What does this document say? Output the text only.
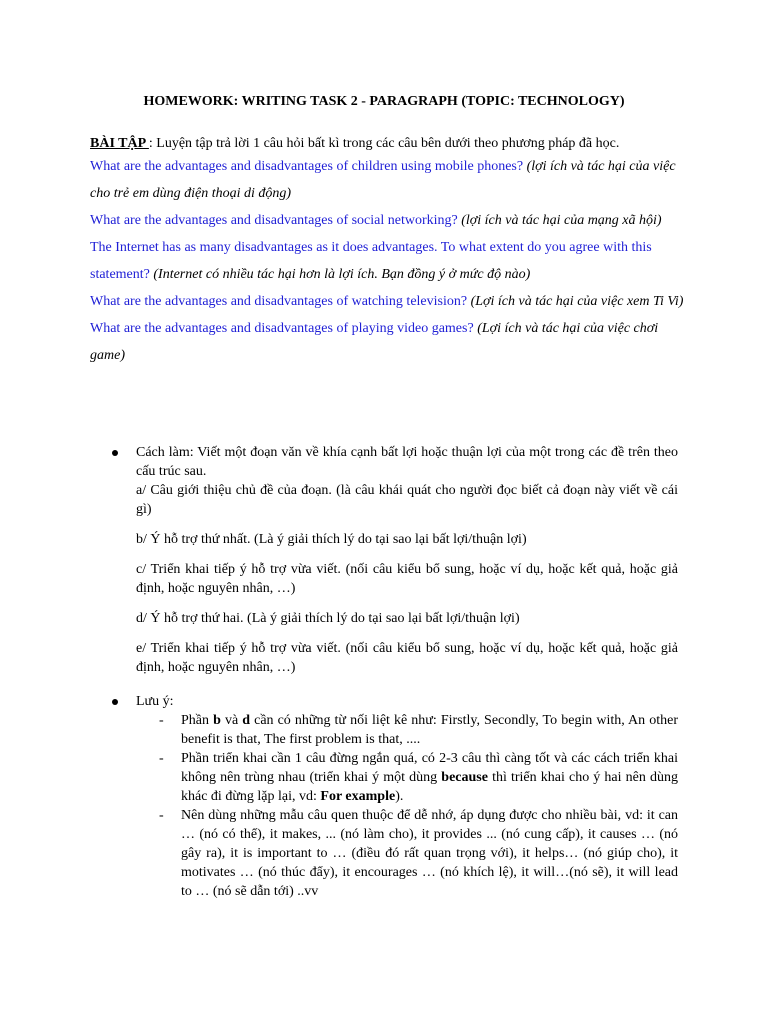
HOMEWORK: WRITING TASK 2 - PARAGRAPH (TOPIC: TECHNOLOGY)
BÀI TẬP : Luyện tập trả lời 1 câu hỏi bất kì trong các câu bên dưới theo phương pháp đã học.
What are the advantages and disadvantages of children using mobile phones? (lợi ích và tác hại của việc cho trẻ em dùng điện thoại di động)
What are the advantages and disadvantages of social networking? (lợi ích và tác hại của mạng xã hội)
The Internet has as many disadvantages as it does advantages. To what extent do you agree with this statement? (Internet có nhiều tác hại hơn là lợi ích. Bạn đồng ý ở mức độ nào)
What are the advantages and disadvantages of watching television? (Lợi ích và tác hại của việc xem Ti Vi)
What are the advantages and disadvantages of playing video games? (Lợi ích và tác hại của việc chơi game)

Cách làm: Viết một đoạn văn về khía cạnh bất lợi hoặc thuận lợi của một trong các đề trên theo cấu trúc sau.

a/ Câu giới thiệu chủ đề của đoạn. (là câu khái quát cho người đọc biết cả đoạn này viết về cái gì)

b/ Ý hỗ trợ thứ nhất. (Là ý giải thích lý do tại sao lại bất lợi/thuận lợi)

c/ Triển khai tiếp ý hỗ trợ vừa viết. (nối câu kiểu bổ sung, hoặc ví dụ, hoặc kết quả, hoặc giả định, hoặc nguyên nhân, …)

d/ Ý hỗ trợ thứ hai. (Là ý giải thích lý do tại sao lại bất lợi/thuận lợi)

e/ Triển khai tiếp ý hỗ trợ vừa viết. (nối câu kiểu bổ sung, hoặc ví dụ, hoặc kết quả, hoặc giả định, hoặc nguyên nhân, …)

Lưu ý:
- Phần b và d cần có những từ nối liệt kê như: Firstly, Secondly, To begin with, An other benefit is that, The first problem is that, ....
- Phần triển khai cần 1 câu đừng ngắn quá, có 2-3 câu thì càng tốt và các cách triển khai không nên trùng nhau (triển khai ý một dùng because thì triển khai cho ý hai nên dùng khác đi đừng lặp lại, vd: For example).
- Nên dùng những mẫu câu quen thuộc để dễ nhớ, áp dụng được cho nhiều bài, vd: it can … (nó có thể), it makes, ... (nó làm cho), it provides ... (nó cung cấp), it causes … (nó gây ra), it is important to … (điều đó rất quan trọng với), it helps… (nó giúp cho), it motivates … (nó thúc đẩy), it encourages … (nó khích lệ), it will…(nó sẽ), it will lead to … (nó sẽ dẫn tới) ..vv
